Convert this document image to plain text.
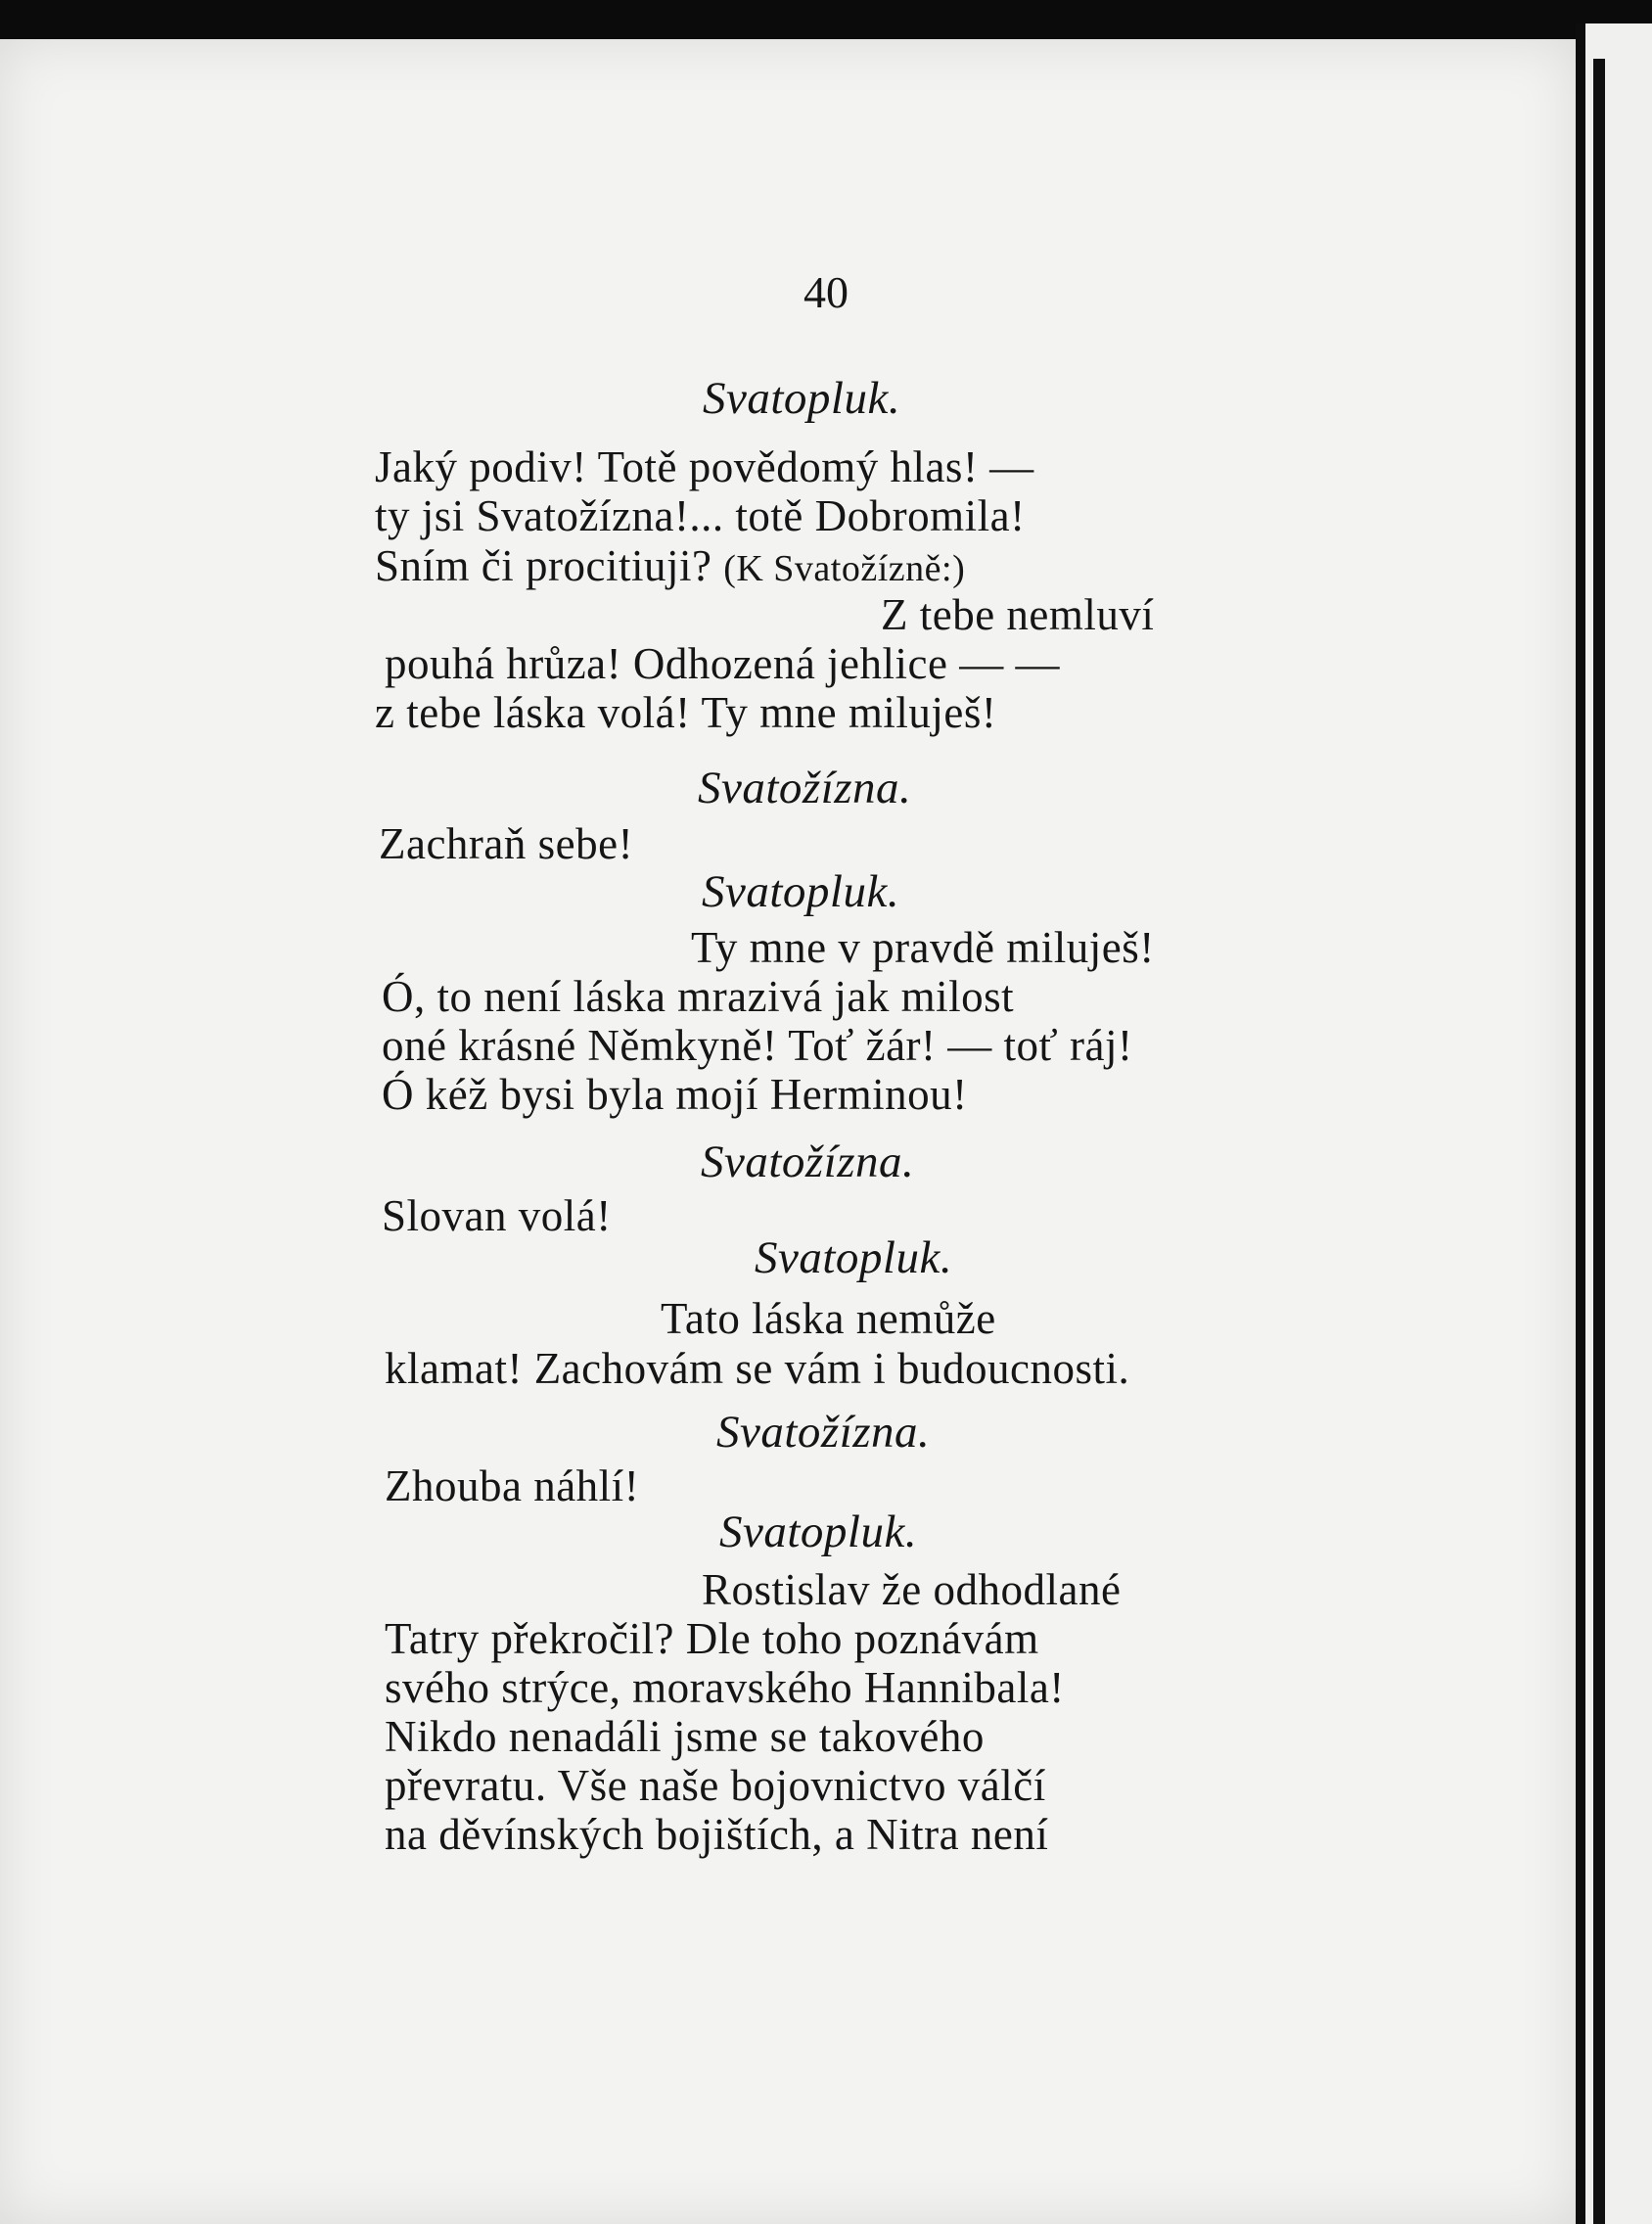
40
Svatopluk.
Jaký podiv! Totě povědomý hlas! —
ty jsi Svatožízna!... totě Dobromila!
Sním či procitiuji? (K Svatožízně:)
Z tebe nemluví
pouhá hrůza! Odhozená jehlice — —
z tebe láska volá! Ty mne miluješ!
Svatožízna.
Zachraň sebe!
Svatopluk.
Ty mne v pravdě miluješ!
Ó, to není láska mrazivá jak milost
oné krásné Němkyně! Toť žár! — toť ráj!
Ó kéž bysi byla mojí Herminou!
Svatožízna.
Slovan volá!
Svatopluk.
Tato láska nemůže
klamat! Zachovám se vám i budoucnosti.
Svatožízna.
Zhouba náhlí!
Svatopluk.
Rostislav že odhodlané
Tatry překročil? Dle toho poznávám
svého strýce, moravského Hannibala!
Nikdo nenadáli jsme se takového
převratu. Vše naše bojovnictvo válčí
na děvínských bojištích, a Nitra není
